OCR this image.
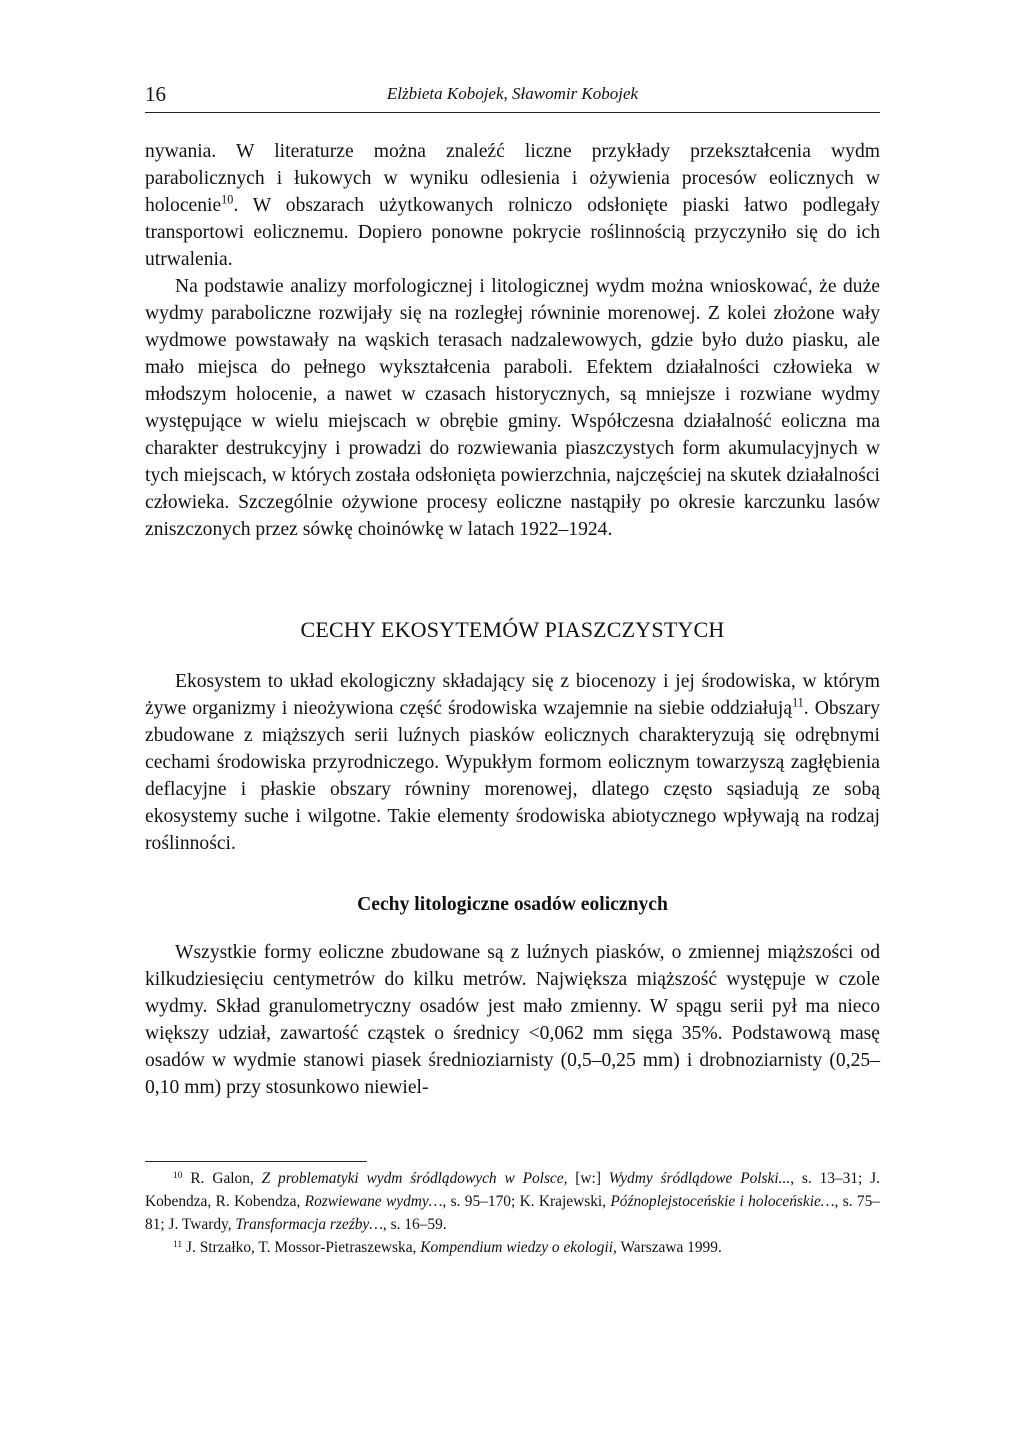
16	Elżbieta Kobojek, Sławomir Kobojek

nywania. W literaturze można znaleźć liczne przykłady przekształcenia wydm parabolicznych i łukowych w wyniku odlesienia i ożywienia procesów eolicznych w holocenie$^{10}$. W obszarach użytkowanych rolniczo odsłonięte piaski łatwo podlegały transportowi eolicznemu. Dopiero ponowne pokrycie roślinnością przyczyniło się do ich utrwalenia.

Na podstawie analizy morfologicznej i litologicznej wydm można wnioskować, że duże wydmy paraboliczne rozwijały się na rozległej równinie morenowej. Z kolei złożone wały wydmowe powstawały na wąskich terasach nadzalewowych, gdzie było dużo piasku, ale mało miejsca do pełnego wykształcenia paraboli. Efektem działalności człowieka w młodszym holocenie, a nawet w czasach historycznych, są mniejsze i rozwiane wydmy występujące w wielu miejscach w obrębie gminy. Współczesna działalność eoliczna ma charakter destrukcyjny i prowadzi do rozwiewania piaszczystych form akumulacyjnych w tych miejscach, w których została odsłonięta powierzchnia, najczęściej na skutek działalności człowieka. Szczególnie ożywione procesy eoliczne nastąpiły po okresie karczunku lasów zniszczonych przez sówkę choinówkę w latach 1922–1924.

CECHY EKOSYTEMÓW PIASZCZYSTYCH

Ekosystem to układ ekologiczny składający się z biocenozy i jej środowiska, w którym żywe organizmy i nieożywiona część środowiska wzajemnie na siebie oddziałują$^{11}$. Obszary zbudowane z miąższych serii luźnych piasków eolicznych charakteryzują się odrębnymi cechami środowiska przyrodniczego. Wypukłym formom eolicznym towarzyszą zagłębienia deflacyjne i płaskie obszary równiny morenowej, dlatego często sąsiadują ze sobą ekosystemy suche i wilgotne. Takie elementy środowiska abiotycznego wpływają na rodzaj roślinności.

Cechy litologiczne osadów eolicznych

Wszystkie formy eoliczne zbudowane są z luźnych piasków, o zmiennej miąższości od kilkudziesięciu centymetrów do kilku metrów. Największa miąższość występuje w czole wydmy. Skład granulometryczny osadów jest mało zmienny. W spągu serii pył ma nieco większy udział, zawartość cząstek o średnicy <0,062 mm sięga 35%. Podstawową masę osadów w wydmie stanowi piasek średnioziarnisty (0,5–0,25 mm) i drobnoziarnisty (0,25–0,10 mm) przy stosunkowo niewiel-

$^{10}$ R. Galon, Z problematyki wydm śródlądowych w Polsce, [w:] Wydmy śródlądowe Polski..., s. 13–31; J. Kobendza, R. Kobendza, Rozwiewane wydmy…, s. 95–170; K. Krajewski, Późnoplejstoceńskie i holoceńskie…, s. 75–81; J. Twardy, Transformacja rzeźby…, s. 16–59.

$^{11}$ J. Strzałko, T. Mossor-Pietraszewska, Kompendium wiedzy o ekologii, Warszawa 1999.
